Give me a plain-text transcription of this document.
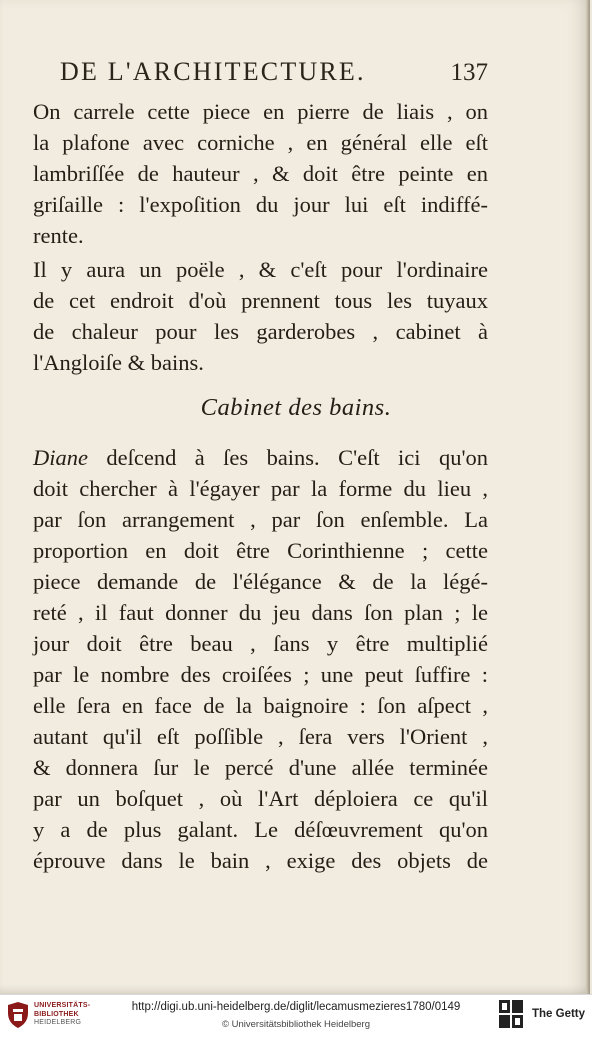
DE L'ARCHITECTURE.	137
On carrele cette piece en pierre de liais , on
la plafone avec corniche , en général elle eſt
lambriſſée de hauteur , & doit être peinte en
griſaille : l'expoſition du jour lui eſt indiffé-
rente.
Il y aura un poële , & c'eſt pour l'ordinaire
de cet endroit d'où prennent tous les tuyaux
de chaleur pour les garderobes , cabinet à
l'Angloiſe & bains.
Cabinet des bains.
Diane deſcend à ſes bains. C'eſt ici qu'on
doit chercher à l'égayer par la forme du lieu ,
par ſon arrangement , par ſon enſemble. La
proportion en doit être Corinthienne ; cette
piece demande de l'élégance & de la légé-
reté , il faut donner du jeu dans ſon plan ; le
jour doit être beau , ſans y être multiplié
par le nombre des croiſées ; une peut ſuffire :
elle ſera en face de la baignoire : ſon aſpect ,
autant qu'il eſt poſſible , ſera vers l'Orient ,
& donnera ſur le percé d'une allée terminée
par un boſquet , où l'Art déploiera ce qu'il
y a de plus galant. Le déſœuvrement qu'on
éprouve dans le bain , exige des objets de
UNIVERSITÄTS-
BIBLIOTHEK
HEIDELBERG
http://digi.ub.uni-heidelberg.de/diglit/lecamusmezieres1780/0149
© Universitätsbibliothek Heidelberg
The Getty
